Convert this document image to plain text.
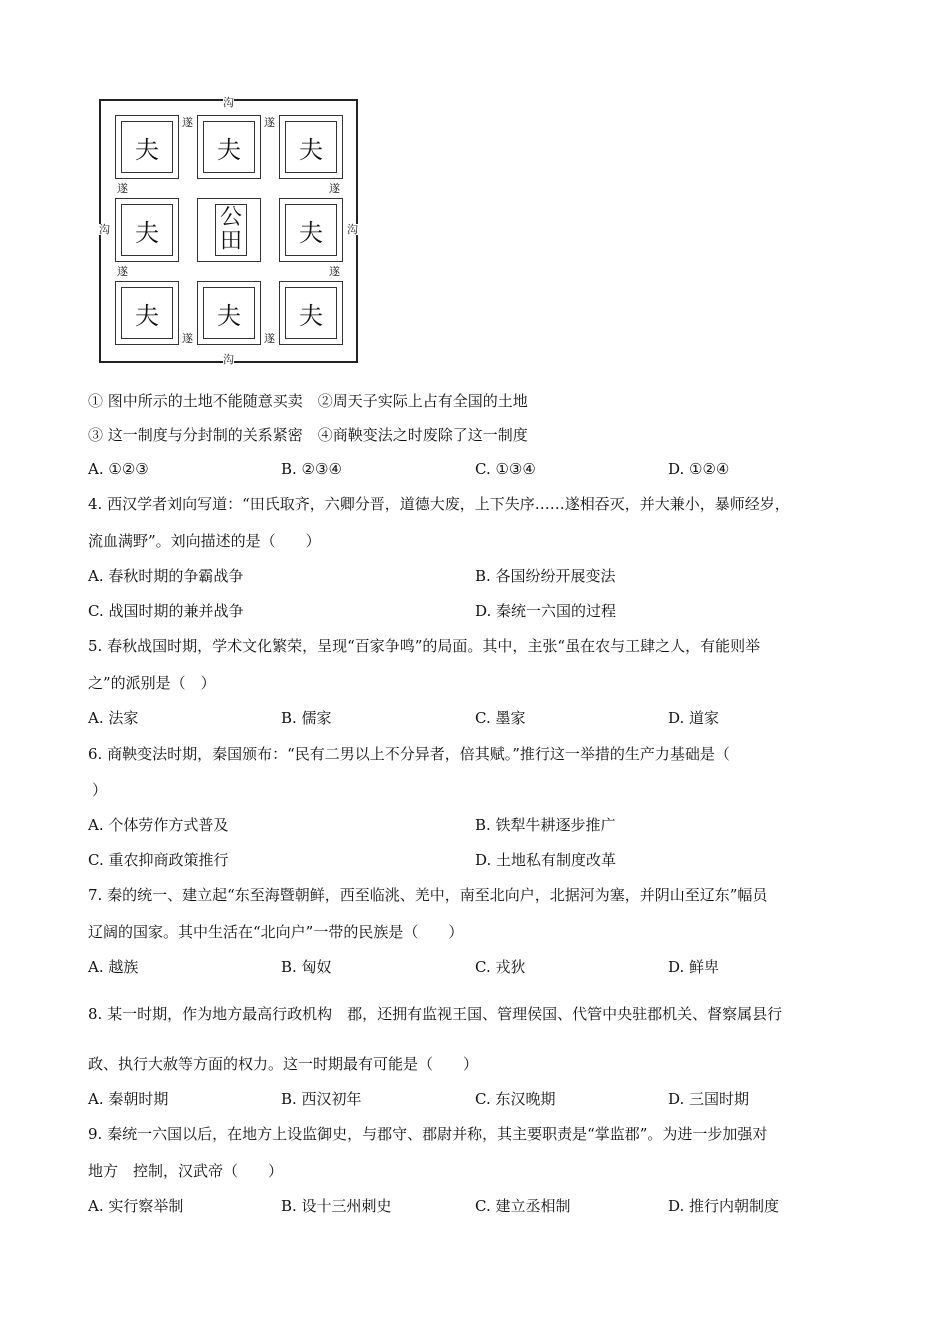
夫	夫	夫
夫
公田	夫
夫	夫	夫
沟
沟
沟	沟
遂	遂
遂	遂
遂	遂
遂	遂
① 图中所示的土地不能随意买卖　②周天子实际上占有全国的土地
③ 这一制度与分封制的关系紧密　④商鞅变法之时废除了这一制度
A. ①②③	B. ②③④	C. ①③④	D. ①②④
4. 西汉学者刘向写道：“田氏取齐，六卿分晋，道德大废，上下失序……遂相吞灭，并大兼小，暴师经岁，
流血满野”。刘向描述的是（　　）
A. 春秋时期的争霸战争	B. 各国纷纷开展变法
C. 战国时期的兼并战争	D. 秦统一六国的过程
5. 春秋战国时期，学术文化繁荣，呈现“百家争鸣”的局面。其中，主张“虽在农与工肆之人，有能则举
之”的派别是（　）
A. 法家	B. 儒家	C. 墨家	D. 道家
6. 商鞅变法时期，秦国颁布：“民有二男以上不分异者，倍其赋。”推行这一举措的生产力基础是（
）
A. 个体劳作方式普及	B. 铁犁牛耕逐步推广
C. 重农抑商政策推行	D. 土地私有制度改革
7. 秦的统一、建立起“东至海暨朝鲜，西至临洮、羌中，南至北向户，北据河为塞，并阴山至辽东”幅员
辽阔的国家。其中生活在“北向户”一带的民族是（　　）
A. 越族	B. 匈奴	C. 戎狄	D. 鲜卑
8. 某一时期，作为地方最高行政机构　郡，还拥有监视王国、管理侯国、代管中央驻郡机关、督察属县行
政、执行大赦等方面的权力。这一时期最有可能是（　　）
A. 秦朝时期	B. 西汉初年	C. 东汉晚期	D. 三国时期
9. 秦统一六国以后，在地方上设监御史，与郡守、郡尉并称，其主要职责是“掌监郡”。为进一步加强对
地方　控制，汉武帝（　　）
A. 实行察举制	B. 设十三州刺史	C. 建立丞相制	D. 推行内朝制度
